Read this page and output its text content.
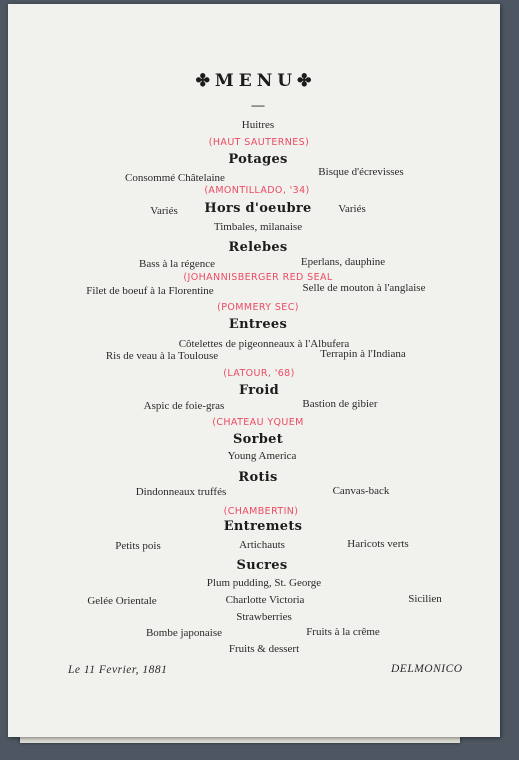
✤MENU✤
—
Huitres
(HAUT SAUTERNES)
Potages
Consommé Châtelaine	Bisque d'écrevisses
(AMONTILLADO, '34)
Variés Hors d'oeubre Variés
Timbales, milanaise
Relebes
Bass à la régence	Eperlans, dauphine
(JOHANNISBERGER RED SEAL
Filet de boeuf à la Florentine	Selle de mouton à l'anglaise
(POMMERY SEC)
Entrees
Côtelettes de pigeonneaux à l'Albufera
Ris de veau à la Toulouse	Terrapin à l'Indiana
(LATOUR, '68)
Froid
Aspic de foie-gras	Bastion de gibier
(CHATEAU YQUEM
Sorbet
Young America
Rotis
Dindonneaux truffés	Canvas-back
(CHAMBERTIN)
Entremets
Petits pois	Artichauts	Haricots verts
Sucres
Plum pudding, St. George
Gelée Orientale	Charlotte Victoria	Sicilien
Strawberries
Bombe japonaise	Fruits à la crême
Fruits & dessert
Le 11 Fevrier, 1881	DELMONICO
